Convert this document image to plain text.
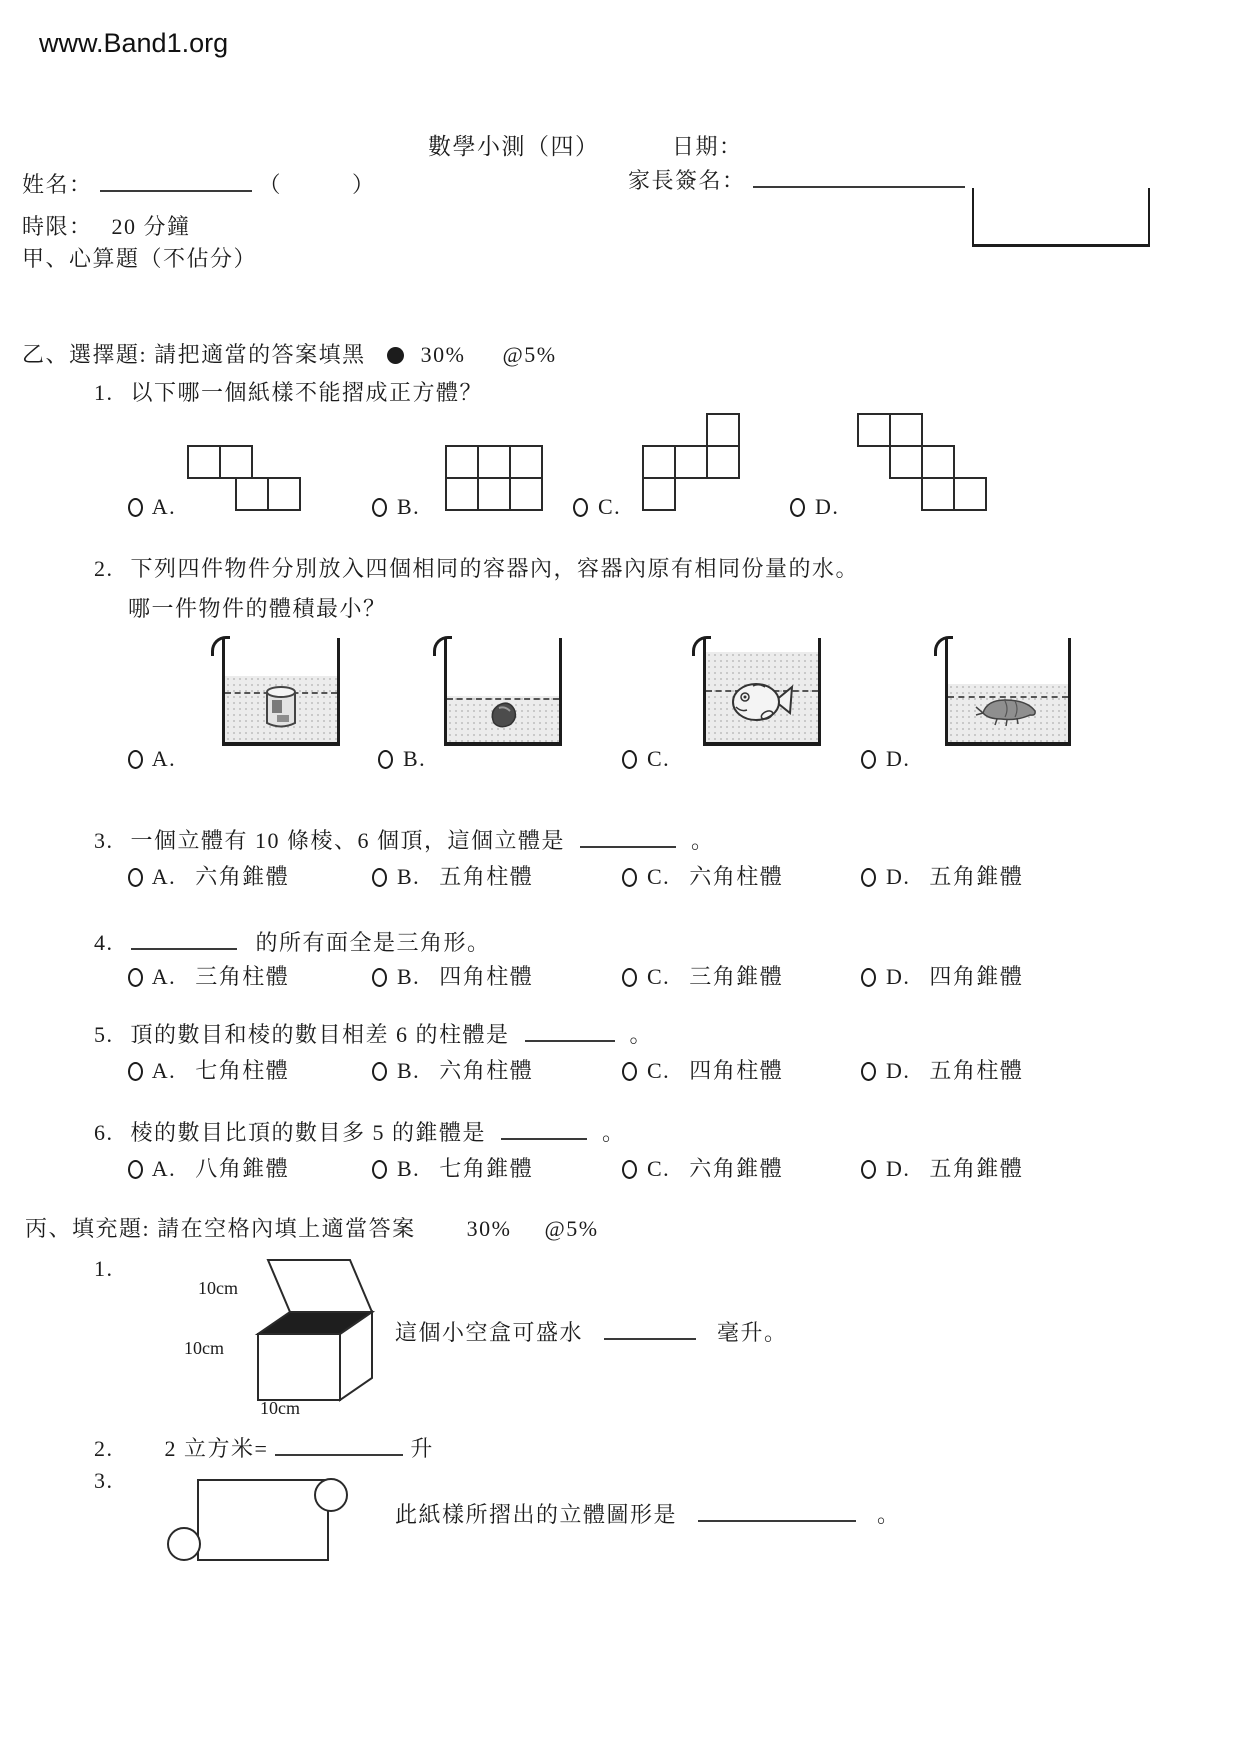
www.Band1.org
數學小測（四）	日期：
姓名：	（	）	家長簽名：
時限： 20 分鐘
甲、心算題（不佔分）
乙、選擇題: 請把適當的答案填黑	30% @5%
1. 以下哪一個紙樣不能摺成正方體？
A.	B.	C.	D.
2. 下列四件物件分別放入四個相同的容器內，容器內原有相同份量的水。
哪一件物件的體積最小？
A.	B.	C.	D.
3. 一個立體有 10 條棱、6 個頂，這個立體是	。
A. 六角錐體	B. 五角柱體	C. 六角柱體	D. 五角錐體
4.	的所有面全是三角形。
A. 三角柱體	B. 四角柱體	C. 三角錐體	D. 四角錐體
5. 頂的數目和棱的數目相差 6 的柱體是	。
A. 七角柱體	B. 六角柱體	C. 四角柱體	D. 五角柱體
6. 棱的數目比頂的數目多 5 的錐體是	。
A. 八角錐體	B. 七角錐體	C. 六角錐體	D. 五角錐體
丙、填充題: 請在空格內填上適當答案 30% @5%
1.
10cm
10cm
10cm
這個小空盒可盛水	毫升。
2. 2 立方米=	升
3.
此紙樣所摺出的立體圖形是	。
